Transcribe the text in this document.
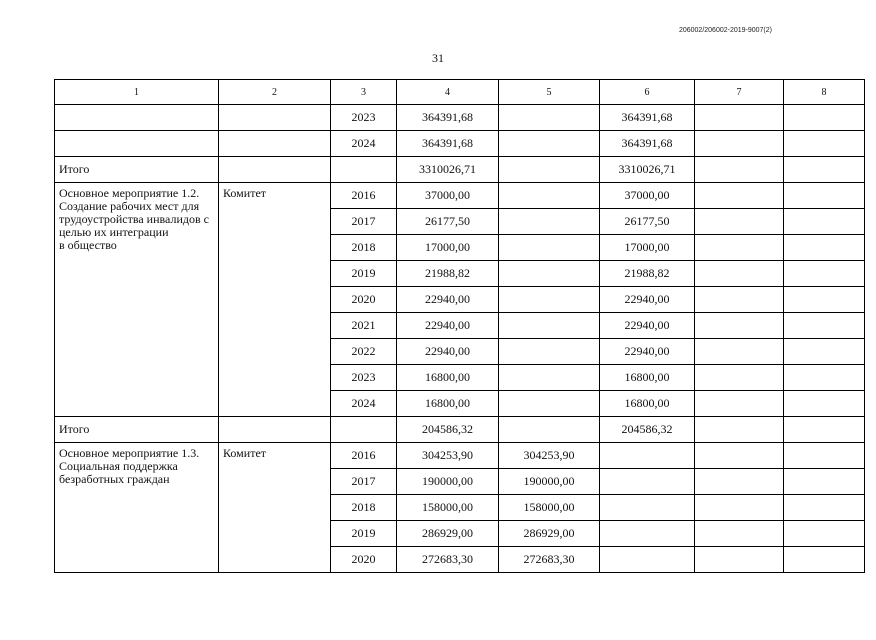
206002/206002-2019-9007(2)
31
1	2	3	4	5	6	7	8
		2023	364391,68		364391,68		
		2024	364391,68		364391,68		
Итого			3310026,71		3310026,71		
Основное мероприятие 1.2.
Создание рабочих мест для трудоустройства инвалидов с целью их интеграции
в общество	Комитет	2016	37000,00		37000,00		
		2017	26177,50		26177,50		
		2018	17000,00		17000,00		
		2019	21988,82		21988,82		
		2020	22940,00		22940,00		
		2021	22940,00		22940,00		
		2022	22940,00		22940,00		
		2023	16800,00		16800,00		
		2024	16800,00		16800,00		
Итого			204586,32		204586,32		
Основное мероприятие 1.3.
Социальная поддержка безработных граждан	Комитет	2016	304253,90	304253,90			
		2017	190000,00	190000,00			
		2018	158000,00	158000,00			
		2019	286929,00	286929,00			
		2020	272683,30	272683,30			
